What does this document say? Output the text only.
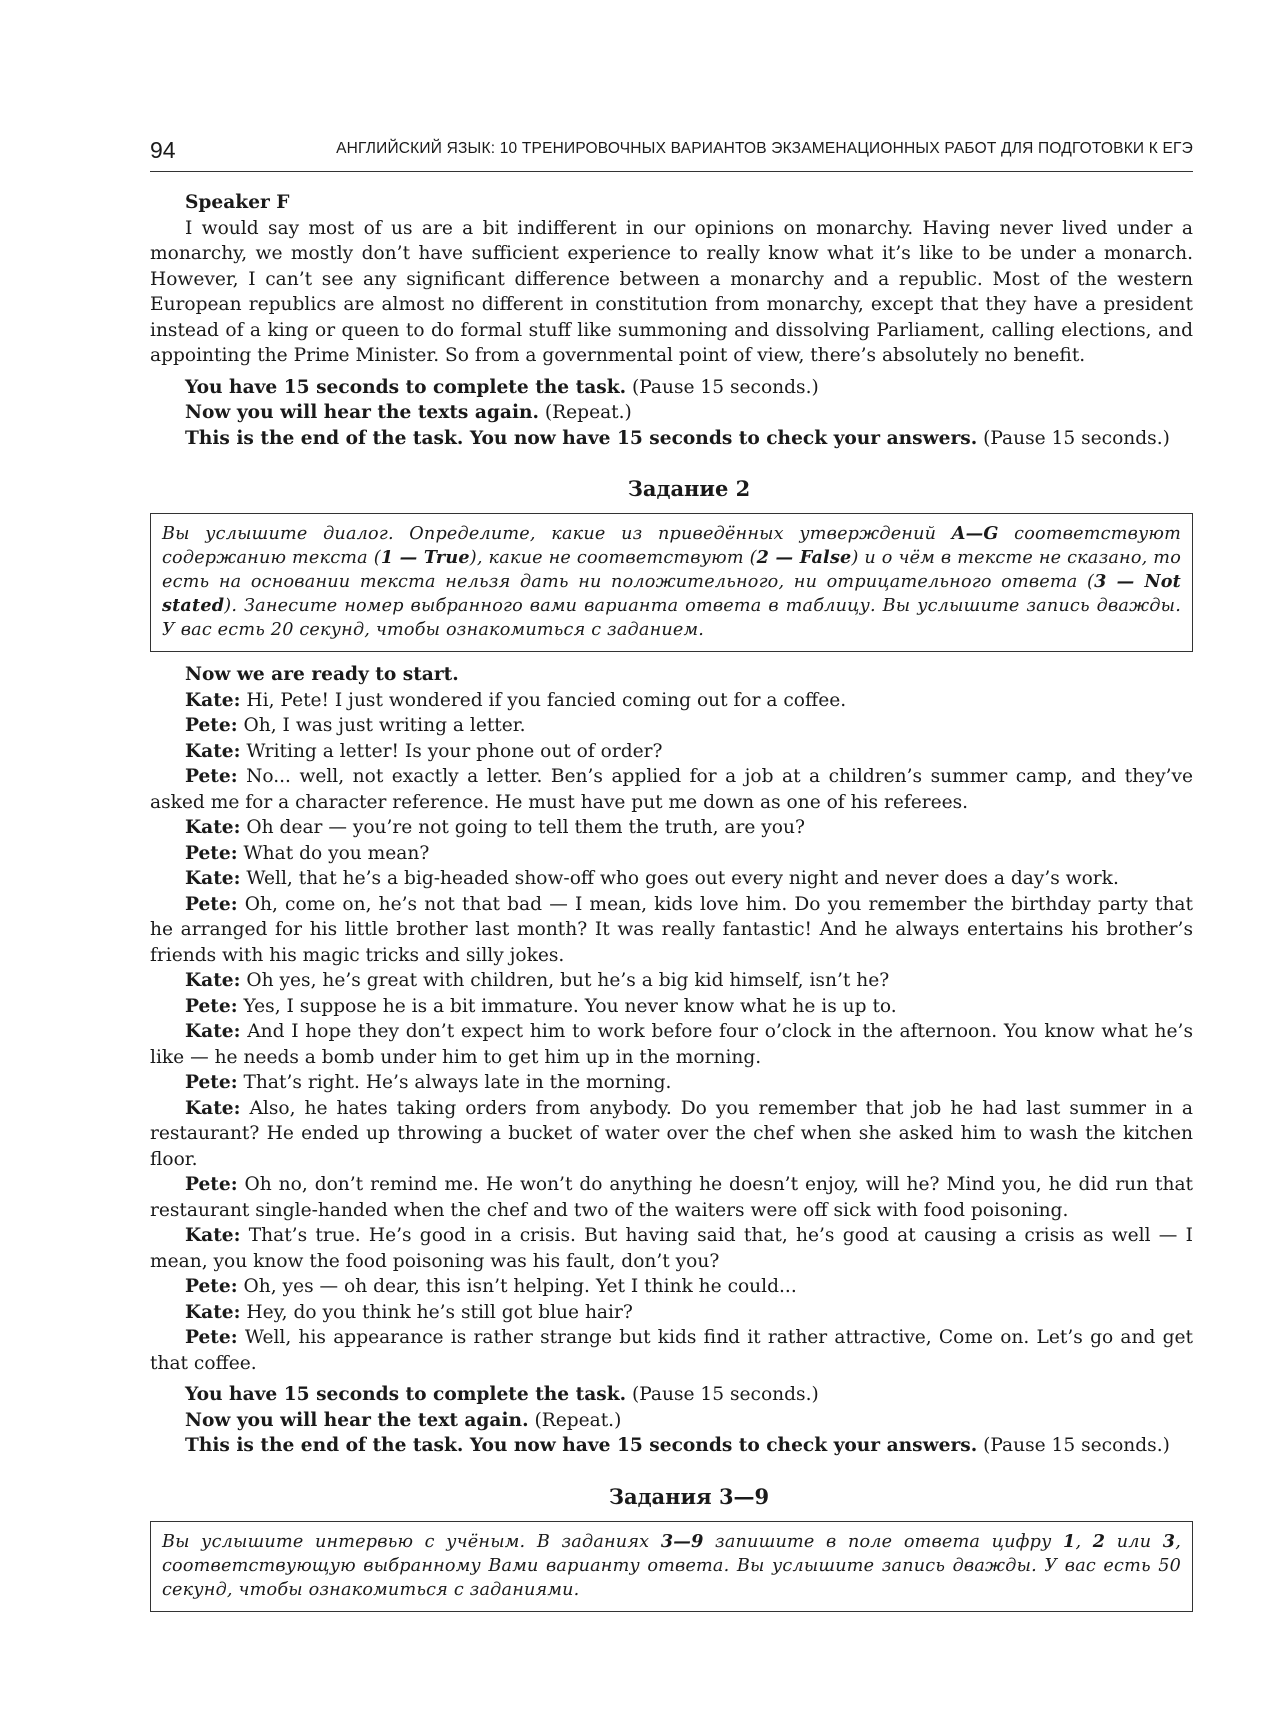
94	АНГЛИЙСКИЙ ЯЗЫК: 10 ТРЕНИРОВОЧНЫХ ВАРИАНТОВ ЭКЗАМЕНАЦИОННЫХ РАБОТ ДЛЯ ПОДГОТОВКИ К ЕГЭ

Speaker F

I would say most of us are a bit indifferent in our opinions on monarchy. Having never lived under a monarchy, we mostly don’t have sufficient experience to really know what it’s like to be under a monarch. However, I can’t see any significant difference between a monarchy and a republic. Most of the western European republics are almost no different in constitution from monarchy, except that they have a president instead of a king or queen to do formal stuff like summoning and dissolving Parliament, calling elections, and appointing the Prime Minister. So from a governmental point of view, there’s absolutely no benefit.

You have 15 seconds to complete the task. (Pause 15 seconds.)

Now you will hear the texts again. (Repeat.)

This is the end of the task. You now have 15 seconds to check your answers. (Pause 15 seconds.)

Задание 2

Вы услышите диалог. Определите, какие из приведённых утверждений A—G соответствуют содержанию текста (1 — True), какие не соответствуют (2 — False) и о чём в тексте не сказано, то есть на основании текста нельзя дать ни положительного, ни отрицательного ответа (3 — Not stated). Занесите номер выбранного вами варианта ответа в таблицу. Вы услышите запись дважды. У вас есть 20 секунд, чтобы ознакомиться с заданием.

Now we are ready to start.

Kate: Hi, Pete! I just wondered if you fancied coming out for a coffee.

Pete: Oh, I was just writing a letter.

Kate: Writing a letter! Is your phone out of order?

Pete: No... well, not exactly a letter. Ben’s applied for a job at a children’s summer camp, and they’ve asked me for a character reference. He must have put me down as one of his referees.

Kate: Oh dear — you’re not going to tell them the truth, are you?

Pete: What do you mean?

Kate: Well, that he’s a big-headed show-off who goes out every night and never does a day’s work.

Pete: Oh, come on, he’s not that bad — I mean, kids love him. Do you remember the birthday party that he arranged for his little brother last month? It was really fantastic! And he always entertains his brother’s friends with his magic tricks and silly jokes.

Kate: Oh yes, he’s great with children, but he’s a big kid himself, isn’t he?

Pete: Yes, I suppose he is a bit immature. You never know what he is up to.

Kate: And I hope they don’t expect him to work before four o’clock in the afternoon. You know what he’s like — he needs a bomb under him to get him up in the morning.

Pete: That’s right. He’s always late in the morning.

Kate: Also, he hates taking orders from anybody. Do you remember that job he had last summer in a restaurant? He ended up throwing a bucket of water over the chef when she asked him to wash the kitchen floor.

Pete: Oh no, don’t remind me. He won’t do anything he doesn’t enjoy, will he? Mind you, he did run that restaurant single-handed when the chef and two of the waiters were off sick with food poisoning.

Kate: That’s true. He’s good in a crisis. But having said that, he’s good at causing a crisis as well — I mean, you know the food poisoning was his fault, don’t you?

Pete: Oh, yes — oh dear, this isn’t helping. Yet I think he could...

Kate: Hey, do you think he’s still got blue hair?

Pete: Well, his appearance is rather strange but kids find it rather attractive, Come on. Let’s go and get that coffee.

You have 15 seconds to complete the task. (Pause 15 seconds.)

Now you will hear the text again. (Repeat.)

This is the end of the task. You now have 15 seconds to check your answers. (Pause 15 seconds.)

Задания 3—9

Вы услышите интервью с учёным. В заданиях 3—9 запишите в поле ответа цифру 1, 2 или 3, соответствующую выбранному Вами варианту ответа. Вы услышите запись дважды. У вас есть 50 секунд, чтобы ознакомиться с заданиями.
